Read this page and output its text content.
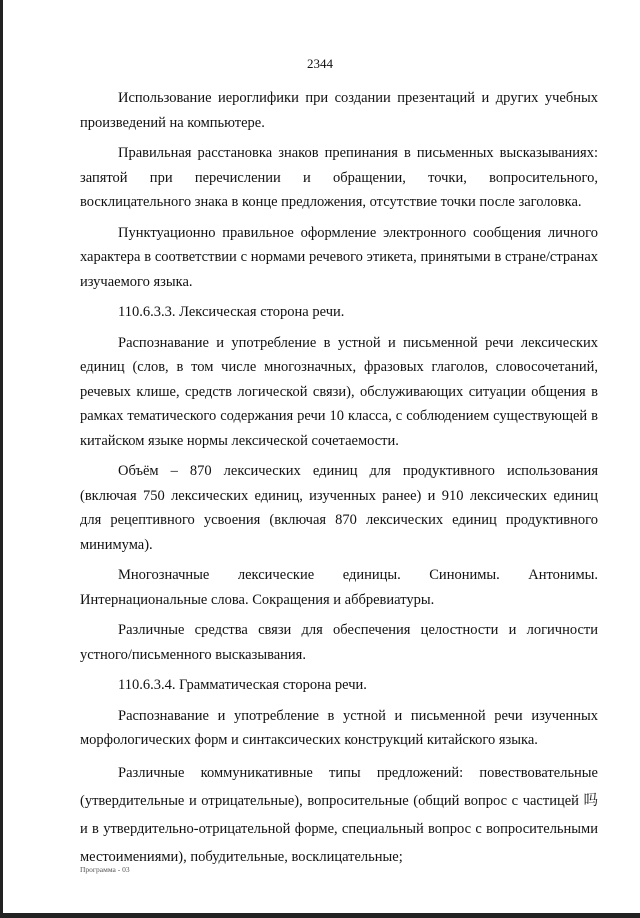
2344

Использование иероглифики при создании презентаций и других учебных произведений на компьютере.

Правильная расстановка знаков препинания в письменных высказываниях: запятой при перечислении и обращении, точки, вопросительного, восклицательного знака в конце предложения, отсутствие точки после заголовка.

Пунктуационно правильное оформление электронного сообщения личного характера в соответствии с нормами речевого этикета, принятыми в стране/странах изучаемого языка.

110.6.3.3. Лексическая сторона речи.

Распознавание и употребление в устной и письменной речи лексических единиц (слов, в том числе многозначных, фразовых глаголов, словосочетаний, речевых клише, средств логической связи), обслуживающих ситуации общения в рамках тематического содержания речи 10 класса, с соблюдением существующей в китайском языке нормы лексической сочетаемости.

Объём – 870 лексических единиц для продуктивного использования (включая 750 лексических единиц, изученных ранее) и 910 лексических единиц для рецептивного усвоения (включая 870 лексических единиц продуктивного минимума).

Многозначные лексические единицы. Синонимы. Антонимы. Интернациональные слова. Сокращения и аббревиатуры.

Различные средства связи для обеспечения целостности и логичности устного/письменного высказывания.

110.6.3.4. Грамматическая сторона речи.

Распознавание и употребление в устной и письменной речи изученных морфологических форм и синтаксических конструкций китайского языка.

Различные коммуникативные типы предложений: повествовательные (утвердительные и отрицательные), вопросительные (общий вопрос с частицей 吗 и в утвердительно-отрицательной форме, специальный вопрос с вопросительными местоимениями), побудительные, восклицательные;

Программа - 03
